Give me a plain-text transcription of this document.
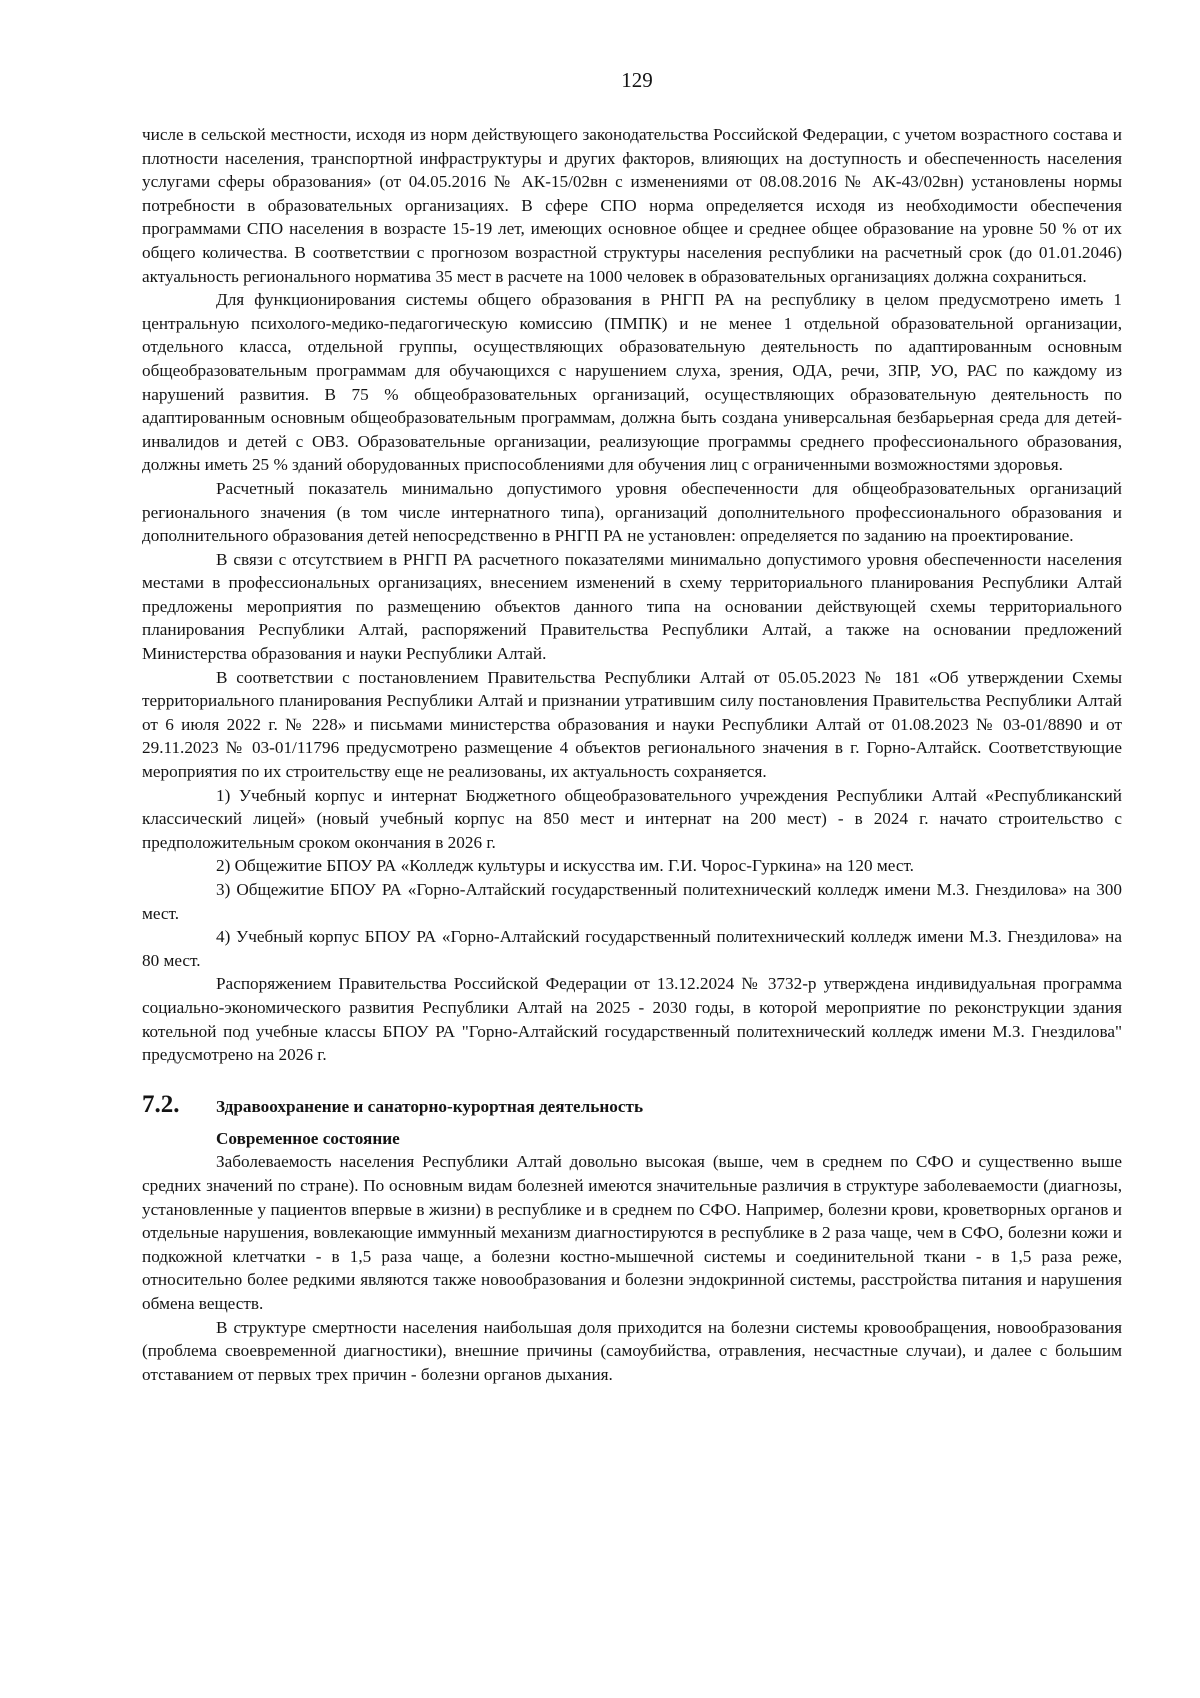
129

числе в сельской местности, исходя из норм действующего законодательства Российской Федерации, с учетом возрастного состава и плотности населения, транспортной инфраструктуры и других факторов, влияющих на доступность и обеспеченность населения услугами сферы образования» (от 04.05.2016 № АК-15/02вн с изменениями от 08.08.2016 № АК-43/02вн) установлены нормы потребности в образовательных организациях. В сфере СПО норма определяется исходя из необходимости обеспечения программами СПО населения в возрасте 15-19 лет, имеющих основное общее и среднее общее образование на уровне 50 % от их общего количества. В соответствии с прогнозом возрастной структуры населения республики на расчетный срок (до 01.01.2046) актуальность регионального норматива 35 мест в расчете на 1000 человек в образовательных организациях должна сохраниться.

Для функционирования системы общего образования в РНГП РА на республику в целом предусмотрено иметь 1 центральную психолого-медико-педагогическую комиссию (ПМПК) и не менее 1 отдельной образовательной организации, отдельного класса, отдельной группы, осуществляющих образовательную деятельность по адаптированным основным общеобразовательным программам для обучающихся с нарушением слуха, зрения, ОДА, речи, ЗПР, УО, РАС по каждому из нарушений развития. В 75 % общеобразовательных организаций, осуществляющих образовательную деятельность по адаптированным основным общеобразовательным программам, должна быть создана универсальная безбарьерная среда для детей-инвалидов и детей с ОВЗ. Образовательные организации, реализующие программы среднего профессионального образования, должны иметь 25 % зданий оборудованных приспособлениями для обучения лиц с ограниченными возможностями здоровья.

Расчетный показатель минимально допустимого уровня обеспеченности для общеобразовательных организаций регионального значения (в том числе интернатного типа), организаций дополнительного профессионального образования и дополнительного образования детей непосредственно в РНГП РА не установлен: определяется по заданию на проектирование.

В связи с отсутствием в РНГП РА расчетного показателями минимально допустимого уровня обеспеченности населения местами в профессиональных организациях, внесением изменений в схему территориального планирования Республики Алтай предложены мероприятия по размещению объектов данного типа на основании действующей схемы территориального планирования Республики Алтай, распоряжений Правительства Республики Алтай, а также на основании предложений Министерства образования и науки Республики Алтай.

В соответствии с постановлением Правительства Республики Алтай от 05.05.2023 № 181 «Об утверждении Схемы территориального планирования Республики Алтай и признании утратившим силу постановления Правительства Республики Алтай от 6 июля 2022 г. № 228» и письмами министерства образования и науки Республики Алтай от 01.08.2023 № 03-01/8890 и от 29.11.2023 № 03-01/11796 предусмотрено размещение 4 объектов регионального значения в г. Горно-Алтайск. Соответствующие мероприятия по их строительству еще не реализованы, их актуальность сохраняется.

1) Учебный корпус и интернат Бюджетного общеобразовательного учреждения Республики Алтай «Республиканский классический лицей» (новый учебный корпус на 850 мест и интернат на 200 мест) - в 2024 г. начато строительство с предположительным сроком окончания в 2026 г.

2) Общежитие БПОУ РА «Колледж культуры и искусства им. Г.И. Чорос-Гуркина» на 120 мест.

3) Общежитие БПОУ РА «Горно-Алтайский государственный политехнический колледж имени М.З. Гнездилова» на 300 мест.

4) Учебный корпус БПОУ РА «Горно-Алтайский государственный политехнический колледж имени М.З. Гнездилова» на 80 мест.

Распоряжением Правительства Российской Федерации от 13.12.2024 № 3732-р утверждена индивидуальная программа социально-экономического развития Республики Алтай на 2025 - 2030 годы, в которой мероприятие по реконструкции здания котельной под учебные классы БПОУ РА "Горно-Алтайский государственный политехнический колледж имени М.З. Гнездилова" предусмотрено на 2026 г.

7.2.	Здравоохранение и санаторно-курортная деятельность

Современное состояние

Заболеваемость населения Республики Алтай довольно высокая (выше, чем в среднем по СФО и существенно выше средних значений по стране). По основным видам болезней имеются значительные различия в структуре заболеваемости (диагнозы, установленные у пациентов впервые в жизни) в республике и в среднем по СФО. Например, болезни крови, кроветворных органов и отдельные нарушения, вовлекающие иммунный механизм диагностируются в республике в 2 раза чаще, чем в СФО, болезни кожи и подкожной клетчатки - в 1,5 раза чаще, а болезни костно-мышечной системы и соединительной ткани - в 1,5 раза реже, относительно более редкими являются также новообразования и болезни эндокринной системы, расстройства питания и нарушения обмена веществ.

В структуре смертности населения наибольшая доля приходится на болезни системы кровообращения, новообразования (проблема своевременной диагностики), внешние причины (самоубийства, отравления, несчастные случаи), и далее с большим отставанием от первых трех причин - болезни органов дыхания.
